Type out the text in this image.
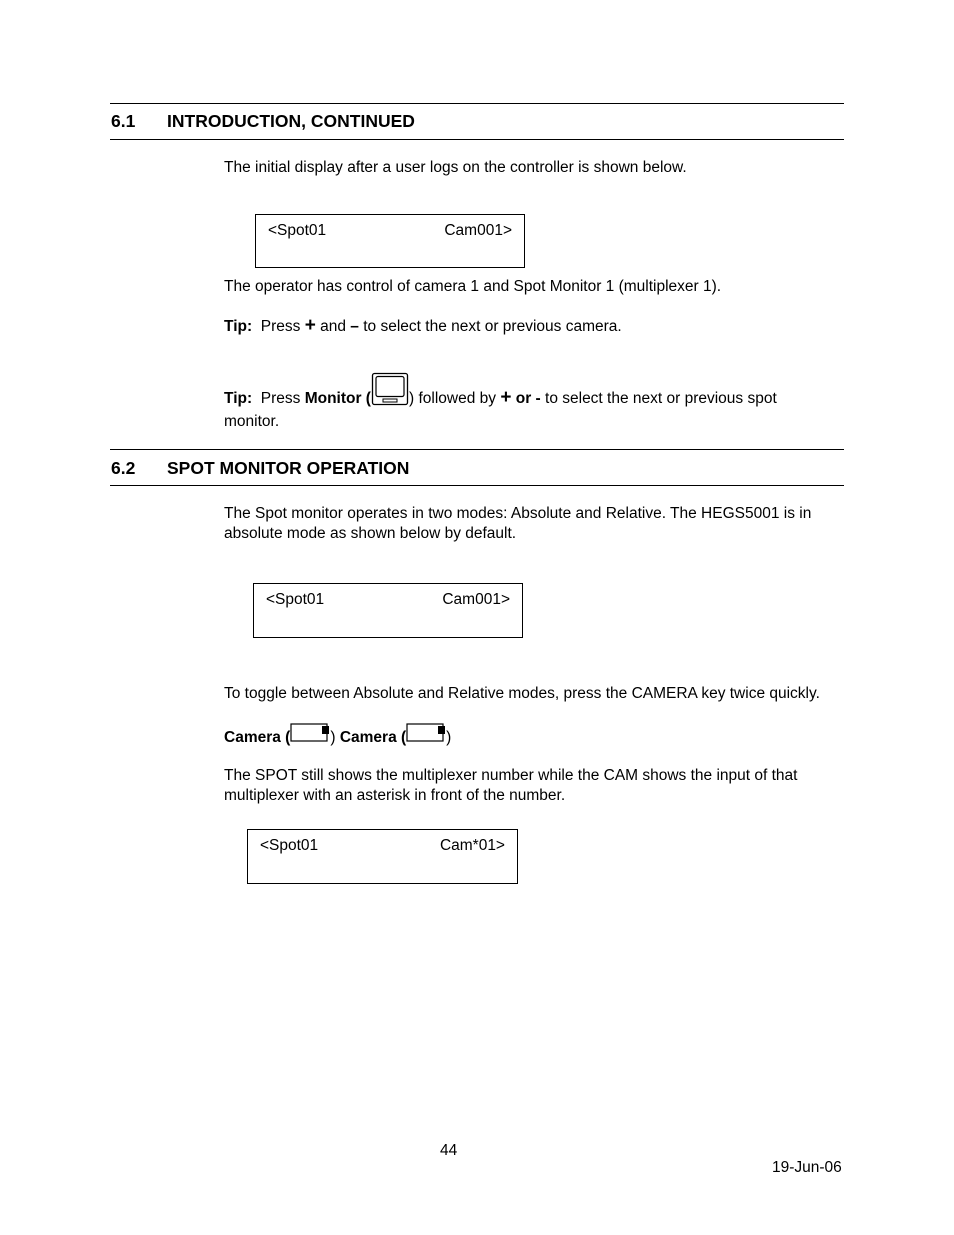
6.1 INTRODUCTION, CONTINUED
The initial display after a user logs on the controller is shown below.
<Spot01	Cam001>
The operator has control of camera 1 and Spot Monitor 1 (multiplexer 1).
Tip: Press + and – to select the next or previous camera.
Tip: Press Monitor ( ) followed by + or - to select the next or previous spot
monitor.
6.2 SPOT MONITOR OPERATION
The Spot monitor operates in two modes: Absolute and Relative. The HEGS5001 is in absolute mode as shown below by default.
<Spot01	Cam001>
To toggle between Absolute and Relative modes, press the CAMERA key twice quickly.
Camera (	) Camera (	)
The SPOT still shows the multiplexer number while the CAM shows the input of that multiplexer with an asterisk in front of the number.
<Spot01	Cam*01>
44
19-Jun-06
